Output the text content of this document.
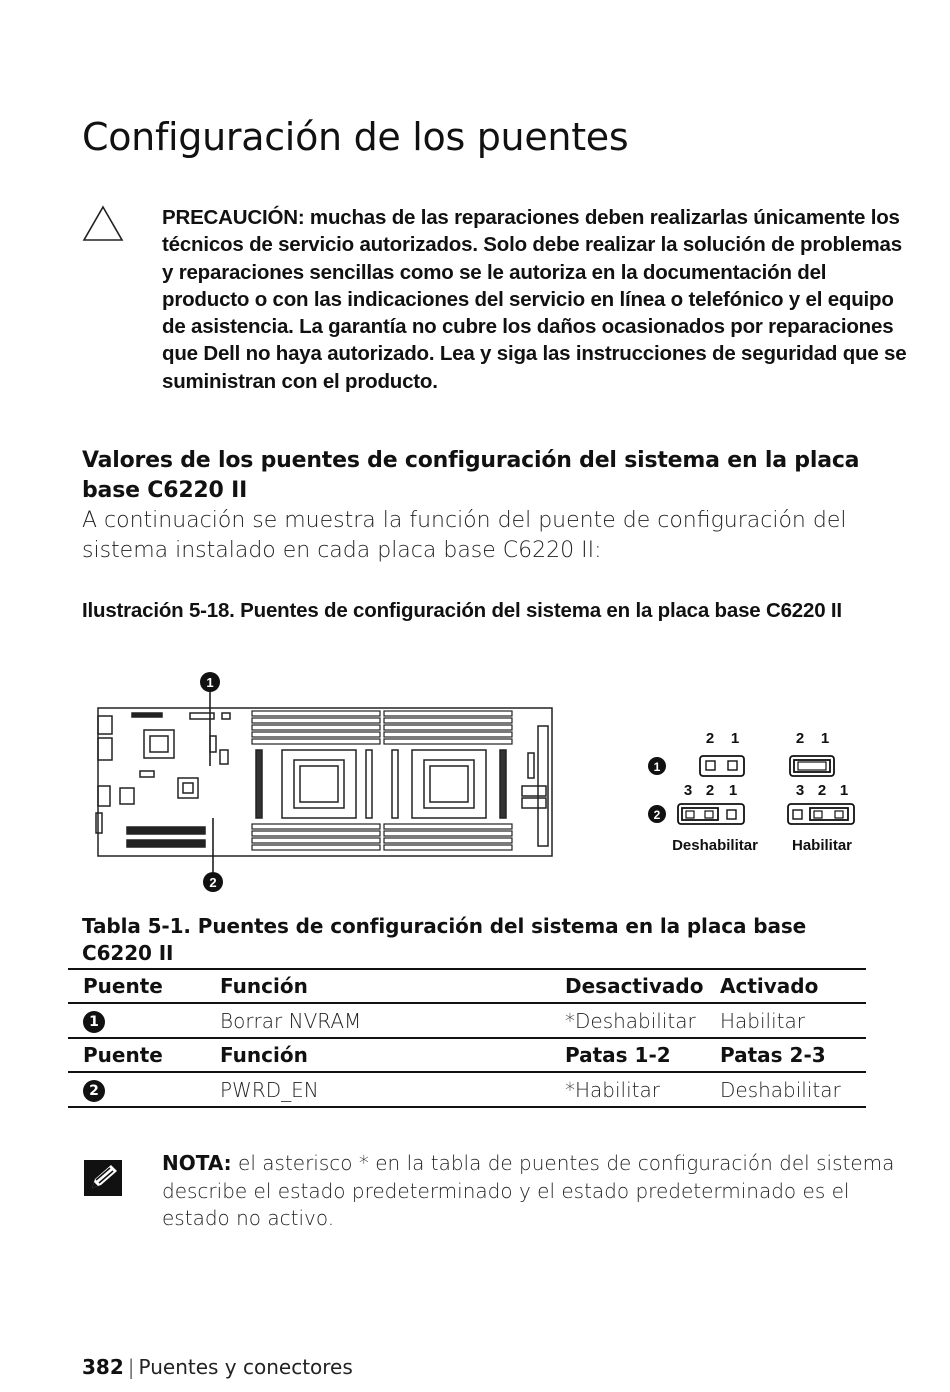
Configuración de los puentes
PRECAUCIÓN: muchas de las reparaciones deben realizarlas únicamente los técnicos de servicio autorizados. Solo debe realizar la solución de problemas y reparaciones sencillas como se le autoriza en la documentación del producto o con las indicaciones del servicio en línea o telefónico y el equipo de asistencia. La garantía no cubre los daños ocasionados por reparaciones que Dell no haya autorizado. Lea y siga las instrucciones de seguridad que se suministran con el producto.
Valores de los puentes de configuración del sistema en la placa base C6220 II
A continuación se muestra la función del puente de configuración del sistema instalado en cada placa base C6220 II:
Ilustración 5-18. Puentes de configuración del sistema en la placa base C6220 II
1
2
2 1	2 1
1
3 2 1	3 2 1
2
Deshabilitar Habilitar
Tabla 5-1. Puentes de configuración del sistema en la placa base C6220 II
Puente	Función	Desactivado	Activado
1	Borrar NVRAM	*Deshabilitar	Habilitar
Puente	Función	Patas 1-2	Patas 2-3
2	PWRD_EN	*Habilitar	Deshabilitar
NOTA: el asterisco * en la tabla de puentes de configuración del sistema describe el estado predeterminado y el estado predeterminado es el estado no activo.
382 | Puentes y conectores
